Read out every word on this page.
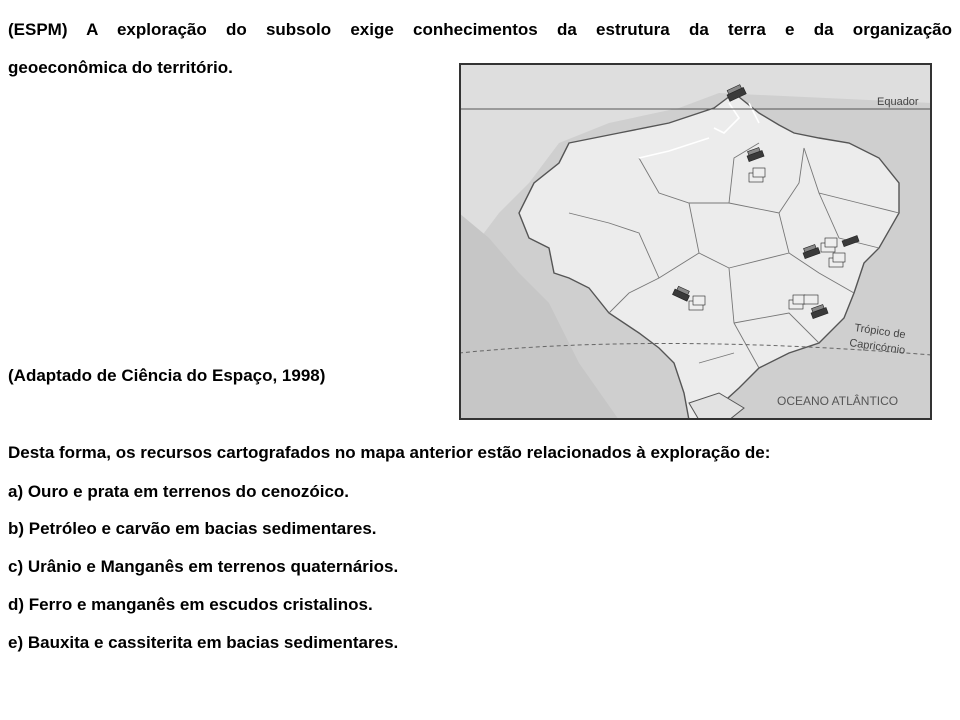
(ESPM) A exploração do subsolo exige conhecimentos da estrutura da terra e da organização
geoeconômica do território.
Equador
Trópico de
Capricórnio
OCEANO ATLÂNTICO
(Adaptado de Ciência do Espaço, 1998)
Desta forma, os recursos cartografados no mapa anterior estão relacionados à exploração de:
a) Ouro e prata em terrenos do cenozóico.
b) Petróleo e carvão em bacias sedimentares.
c) Urânio e Manganês em terrenos quaternários.
d) Ferro e manganês em escudos cristalinos.
e) Bauxita e cassiterita em bacias sedimentares.
